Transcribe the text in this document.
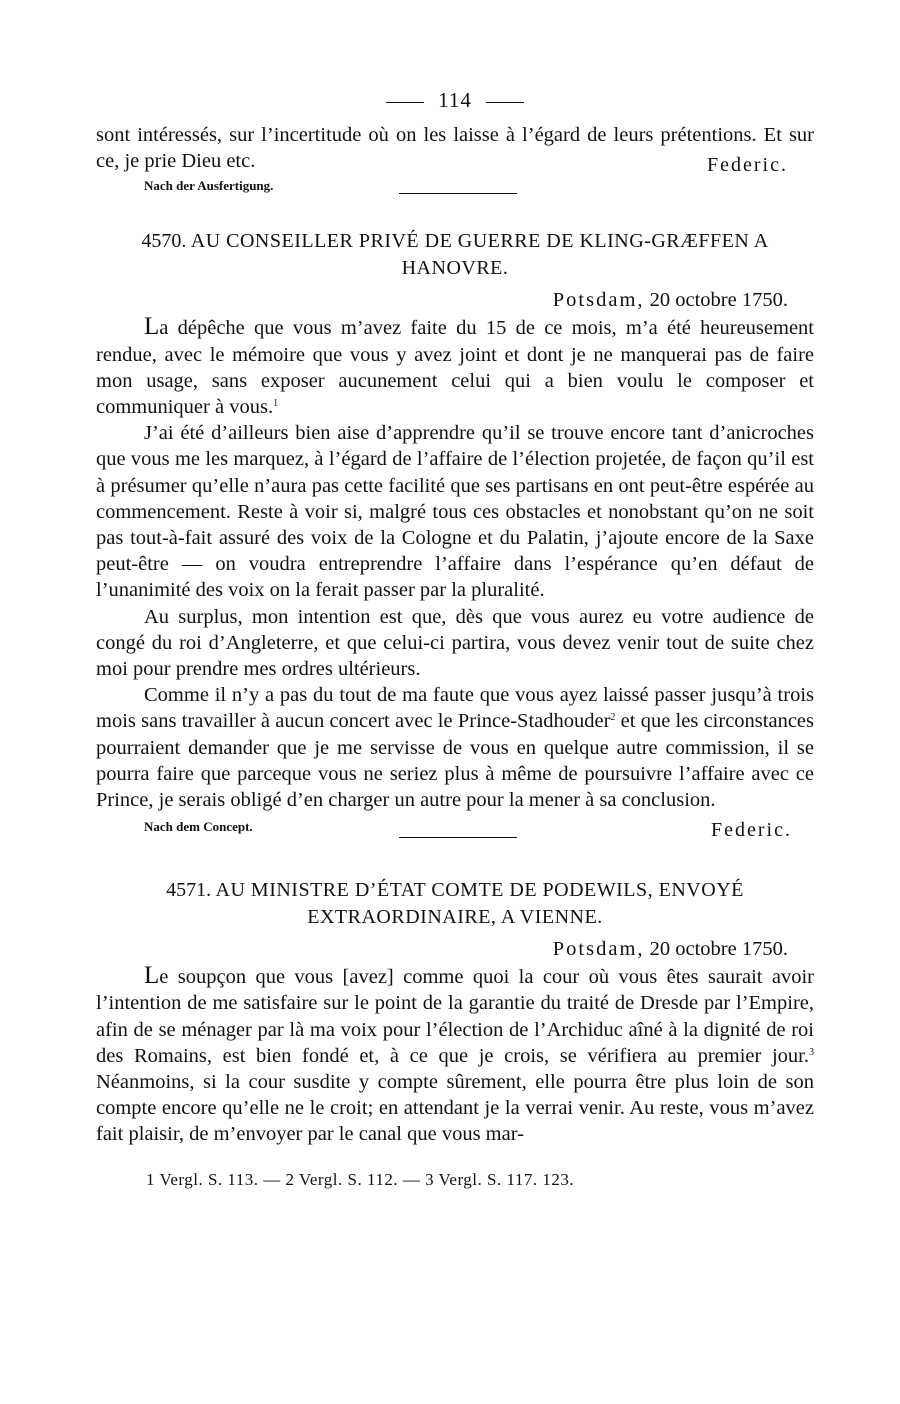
114

sont intéressés, sur l’incertitude où on les laisse à l’égard de leurs prétentions. Et sur ce, je prie Dieu etc.	Federic.
Nach der Ausfertigung.
4570. AU CONSEILLER PRIVÉ DE GUERRE DE KLING-GRÆFFEN A HANOVRE.
Potsdam, 20 octobre 1750.

La dépêche que vous m’avez faite du 15 de ce mois, m’a été heureusement rendue, avec le mémoire que vous y avez joint et dont je ne manquerai pas de faire mon usage, sans exposer aucunement celui qui a bien voulu le composer et communiquer à vous.$^1$

J’ai été d’ailleurs bien aise d’apprendre qu’il se trouve encore tant d’anicroches que vous me les marquez, à l’égard de l’affaire de l’élection projetée, de façon qu’il est à présumer qu’elle n’aura pas cette facilité que ses partisans en ont peut-être espérée au commencement. Reste à voir si, malgré tous ces obstacles et nonobstant qu’on ne soit pas tout-à-fait assuré des voix de la Cologne et du Palatin, j’ajoute encore de la Saxe peut-être — on voudra entreprendre l’affaire dans l’espérance qu’en défaut de l’unanimité des voix on la ferait passer par la pluralité.

Au surplus, mon intention est que, dès que vous aurez eu votre audience de congé du roi d’Angleterre, et que celui-ci partira, vous devez venir tout de suite chez moi pour prendre mes ordres ultérieurs.

Comme il n’y a pas du tout de ma faute que vous ayez laissé passer jusqu’à trois mois sans travailler à aucun concert avec le Prince-Stadhouder$^2$ et que les circonstances pourraient demander que je me servisse de vous en quelque autre commission, il se pourra faire que parceque vous ne seriez plus à même de poursuivre l’affaire avec ce Prince, je serais obligé d’en charger un autre pour la mener à sa conclusion.

Nach dem Concept.	Federic.
4571. AU MINISTRE D’ÉTAT COMTE DE PODEWILS, ENVOYÉ EXTRAORDINAIRE, A VIENNE.
Potsdam, 20 octobre 1750.

Le soupçon que vous [avez] comme quoi la cour où vous êtes saurait avoir l’intention de me satisfaire sur le point de la garantie du traité de Dresde par l’Empire, afin de se ménager par là ma voix pour l’élection de l’Archiduc aîné à la dignité de roi des Romains, est bien fondé et, à ce que je crois, se vérifiera au premier jour.$^3$ Néanmoins, si la cour susdite y compte sûrement, elle pourra être plus loin de son compte encore qu’elle ne le croit; en attendant je la verrai venir. Au reste, vous m’avez fait plaisir, de m’envoyer par le canal que vous mar-

1 Vergl. S. 113. — 2 Vergl. S. 112. — 3 Vergl. S. 117. 123.
